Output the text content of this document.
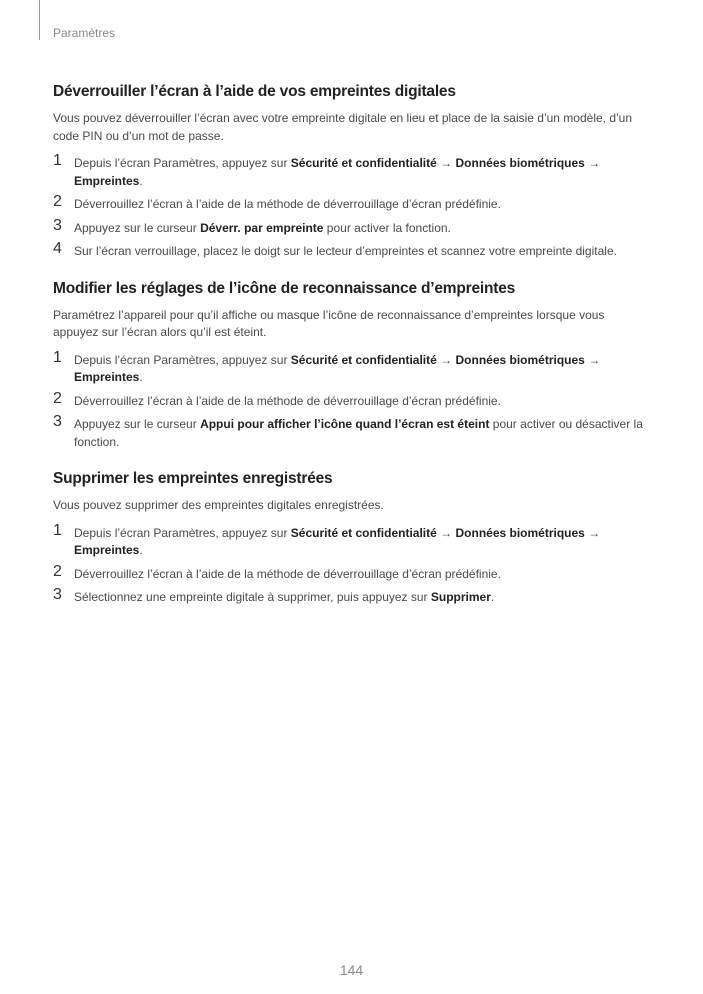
Paramètres
Déverrouiller l’écran à l’aide de vos empreintes digitales

Vous pouvez déverrouiller l’écran avec votre empreinte digitale en lieu et place de la saisie d’un modèle, d’un code PIN ou d’un mot de passe.

1 Depuis l’écran Paramètres, appuyez sur Sécurité et confidentialité → Données biométriques → Empreintes.
2 Déverrouillez l’écran à l’aide de la méthode de déverrouillage d’écran prédéfinie.
3 Appuyez sur le curseur Déverr. par empreinte pour activer la fonction.
4 Sur l’écran verrouillage, placez le doigt sur le lecteur d’empreintes et scannez votre empreinte digitale.
Modifier les réglages de l’icône de reconnaissance d’empreintes

Paramétrez l’appareil pour qu’il affiche ou masque l’icône de reconnaissance d’empreintes lorsque vous appuyez sur l’écran alors qu’il est éteint.

1 Depuis l’écran Paramètres, appuyez sur Sécurité et confidentialité → Données biométriques → Empreintes.
2 Déverrouillez l’écran à l’aide de la méthode de déverrouillage d’écran prédéfinie.
3 Appuyez sur le curseur Appui pour afficher l’icône quand l’écran est éteint pour activer ou désactiver la fonction.
Supprimer les empreintes enregistrées

Vous pouvez supprimer des empreintes digitales enregistrées.

1 Depuis l’écran Paramètres, appuyez sur Sécurité et confidentialité → Données biométriques → Empreintes.
2 Déverrouillez l’écran à l’aide de la méthode de déverrouillage d’écran prédéfinie.
3 Sélectionnez une empreinte digitale à supprimer, puis appuyez sur Supprimer.
144
